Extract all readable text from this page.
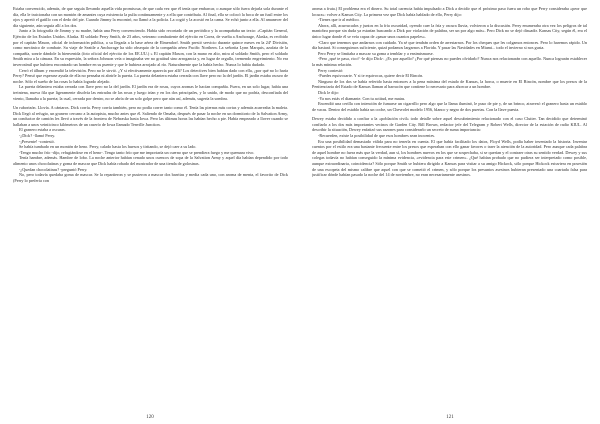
Estaba convencido, además, de que seguía llevando aquella vida promiscua, de que cada vez que él tenía que embarcar, o aunque sólo fuera dejarla sola durante el día, ella le traicionaba con un montón de amantes cuya existencia la pulía continuamente y a ella que contribuía. Al final, ella se colocó la boca de un fusil entre los ojos y apretó el gatillo con el dedo del pie. Cuando Jimmy la encontró, no llamó a la policía. La cogió y la acostó en la cama. Se echó junto a ella. Al amanecer del día siguiente, aún seguía allí a los dos.

Junto a la fotografía de Jimmy y su madre, había una Perry convenciendo. Había sido recortado de un periódico y la acompañaba un texto: «Capitán General, Ejército de los Estados Unidos. Alaska. El soldado Perry Smith, de 23 años, veterano combatiente del ejército en Corea, de vuelta a Anchorage, Alaska, es recibido por el capitán Mason, oficial de información pública, a su llegada a la base aérea de Elmendorf. Smith prestó servicio durante quince meses en la 24ª División, como mecánico de combate. Su viaje de Seattle a Anchorage ha sido obsequio de la compañía aérea Pacific Northern. La señorita Lynn Marquis, azafata de la compañía, sonríe dándole la bienvenida (foto oficial del ejército de los EE.UU.) » El capitán Mason, con la mano en alto, mira al soldado Smith, pero el soldado Smith mira a la cámara. En su expresión, la señora Johnson veía o imaginaba ver no gratitud sino arrogancia y, en lugar de orgullo, tremendo engreimiento. No era inverosímil que hubiera encontrado un hombre en su puente y que le hubiera arrojado al río. Naturalmente que la había hecho. Nunca lo había dudado.

Cerró el álbum y encendió la televisión. Pero no le sirvió. ¿Y si efectivamente aparecía por allí? Los detectives bien habían dado con ella, ¿por qué no lo haría Perry? Pensó que esperase ayuda de ella no pensaba ni abrirle la puerta. La puerta delantera estaba cerrada con llave pero no la del jardín. El jardín estaba oscuro de noche. Sólo el sueño de las rosas lo había logrado alejado.

La puerta delantera estaba cerrada con llave pero no la del jardín. El jardín era de rosas, cuyos aromas le hacían compañía. Fuera, en un solo lugar, había una treintena, nueva fila que ligeramente disolvía las entradas de las rosas y luego irían y en los dos principales, y lo unido, de modo que no podría, desconfiada del viento, llamaba a la puerta; la cual, cerrada por dentro, no se abría de un solo golpe pero que aún así, además, sugería la sombra.

Un ruborizón. Llovía. A cántaros. Dick corría. Perry corría también, pero no podía correr tanto como él. Tenía las piernas más cortas y además acarreaba la maleta. Dick llegó al refugio, un granero cercano a la autopista, mucho antes que él. Saliendo de Omaha, después de pasar la noche en un dormitorio de la Salvation Army, un conductor de camión les llevó a través de la frontera de Nebraska hasta Iowa. Pero las últimas horas las habían hecho a pie. Había empezado a llover cuando se hallaban a unos veinticinco kilómetros de un caserío de Iowa llamado Tenville Junction.

El granero estaba a oscuras.

-¿Dick? -llamó Perry.

-¡Presente! -contestó.

Se había tumbado en un montón de heno. Perry, calado hasta los huesos y tiritando, se dejó caer a su lado.

-Tengo mucho frío -dijo, refugiándose en el heno-. Tengo tanto frío que me importaría un cuerno que se prendiera fuego y me quemara vivo.

Tenía hambre, además. Hambre de lobo. La noche anterior habían cenado unos cuencos de sopa de la Salvation Army y aquel día habían dependido por todo alimento unos chocolatinas y goma de mascar que Dick había robado del mostrador de una tienda de golosinas.

-¿Quedan chocolatinas? -preguntó Perry.

No, pero todavía quedaba goma de mascar. Se la repartieron y se pusieron a mascar dos barritas y media cada uno, con aroma de menta, el favorito de Dick (Perry lo prefería con

120

aroma a fruta.) El problema era el dinero. Su total carencia había impulsado a Dick a decidir que el próximo paso fuera un robo que Perry consideraba «peor que locura»: volver a Kansas City. La primera vez que Dick había hablado de ello, Perry dijo:

-Tienes que ir al médico.

Ahora, allí, acurrucados y juntos en la fría oscuridad, oyendo caer la fría y oscura lluvia, volvieron a la discusión. Perry enumeraba otra vez los peligros de tal maniobra porque sin duda ya estarían buscando a Dick por violación de palabra, ser un por algo más». Pero Dick no se dejó disuadir. Kansas City, según él, era el único lugar donde él se veía capaz de «pasar unos cuantos papeles».

-Claro que tenemos que andarnos con cuidado. Ya sé que tendrán orden de arrestarnos. Por los cheques que les colgamos entonces. Pero lo haremos rápido. Un día bastará. Si conseguimos suficiente, quizá podamos largarnos a Florida. Y pasar las Navidades en Miami... todo el invierno si nos gusta.

Pero Perry se limitaba a mascar su goma a temblar y a ensimismarse.

-Pero ¿qué te pasa, rico? -le dijo Dick-. ¿Es por aquello? ¿Por qué piensas no puedes olvidarlo? Nunca nos relacionarán con aquello. Nunca lograrán establecer la más mínima relación.

Perry contestó:

-Puedes equivocarte. Y si te equivocas, quiere decir El Rincón.

Ninguno de los dos se había referido hasta entonces a la pena máxima del estado de Kansas, la horca, o muerte en El Rincón, nombre que los presos de la Penitenciaría del Estado de Kansas llaman al barracón que contiene lo necesario para ahorcar a un hombre.

Dick le dijo:

-Ya nos estás el diamante. Con tu actitud, me matas.

Encendió una cerilla con intención de fumarse un cigarrillo pero algo que la llama iluminó, le puso de pie y, de un brinco, atravesó el granero hasta un establo de vacas. Dentro del establo había un coche, un Chevrolet modelo 1956, blanco y negro de dos puertas. Con la llave puesta.

Dewey estaba decidido a confiar a la «población civil» todo detalle sobre aquel descubrimiento relacionado con el caso Clutter. Tan decidido que determinó confiarlo a los dos más importantes vecinos de Garden City. Bill Brown, redactor jefe del Telegram y Robert Wells, director de la estación de radio KIUL. Al describir la situación, Dewey enfatizó sus razones para considerarlo un secreto de suma importancia:

-Recuerden, existe la posibilidad de que esos hombres sean inocentes.

Era una posibilidad demasiado válida para no tenerla en cuenta. El que había facilitado los datos, Floyd Wells, podía haber inventado la historia. Inventar cuentos por el estilo era una bastante frecuente entre los presos que esperaban con ello ganar favores o traer la atención de la autoridad. Pero aunque cada palabra de aquel hombre no fuera más que la verdad, aun sí, los hombres nuevos en los que se sospechaba, si se querían y el contraer otras su sentido verdad. Dewey y sus colegas todavía no habían conseguido la mínima evidencia, «evidencia para este crimen». ¿Qué habían probado que no pudiera ser interpretado como posible, aunque extraordinaria, coincidencia? Sólo porque Smith se hubiera dirigido a Kansas para visitar a su amigo Hickock, sólo porque Hickock estuviera en posesión de una escopeta del mismo calibre que aquel con que se cometió el crimen, y sólo porque los presuntos asesinos hubieran presentado una coartada falsa para justificar dónde habían pasado la noche del 14 de noviembre, no eran necesariamente asesinos.

121
